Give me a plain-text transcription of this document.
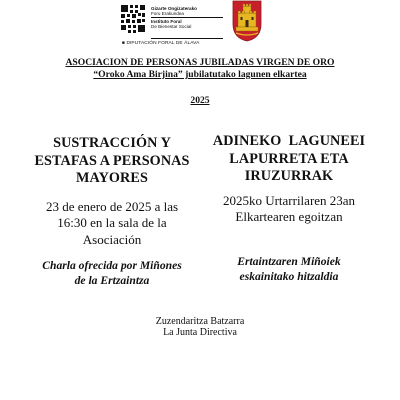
Gizarte Ongizaterako
Foru Erakundea
Instituto Foral
De Bienestar Social
■ DIPUTACIÓN FORAL DE ÁLAVA
ASOCIACION DE PERSONAS JUBILADAS VIRGEN DE ORO
“Oroko Ama Birjina” jubilatutako lagunen elkartea
2025
SUSTRACCIÓN Y
ESTAFAS A PERSONAS
MAYORES
23 de enero de 2025 a las
16:30 en la sala de la
Asociación
Charla ofrecida por Miñones
de la Ertzaintza
ADINEKO  LAGUNEEI
LAPURRETA ETA
IRUZURRAK
2025ko Urtarrilaren 23an
Elkartearen egoitzan
Ertaintzaren Miñoiek
eskainitako hitzaldia
Zuzendaritza Batzarra
La Junta Directiva
